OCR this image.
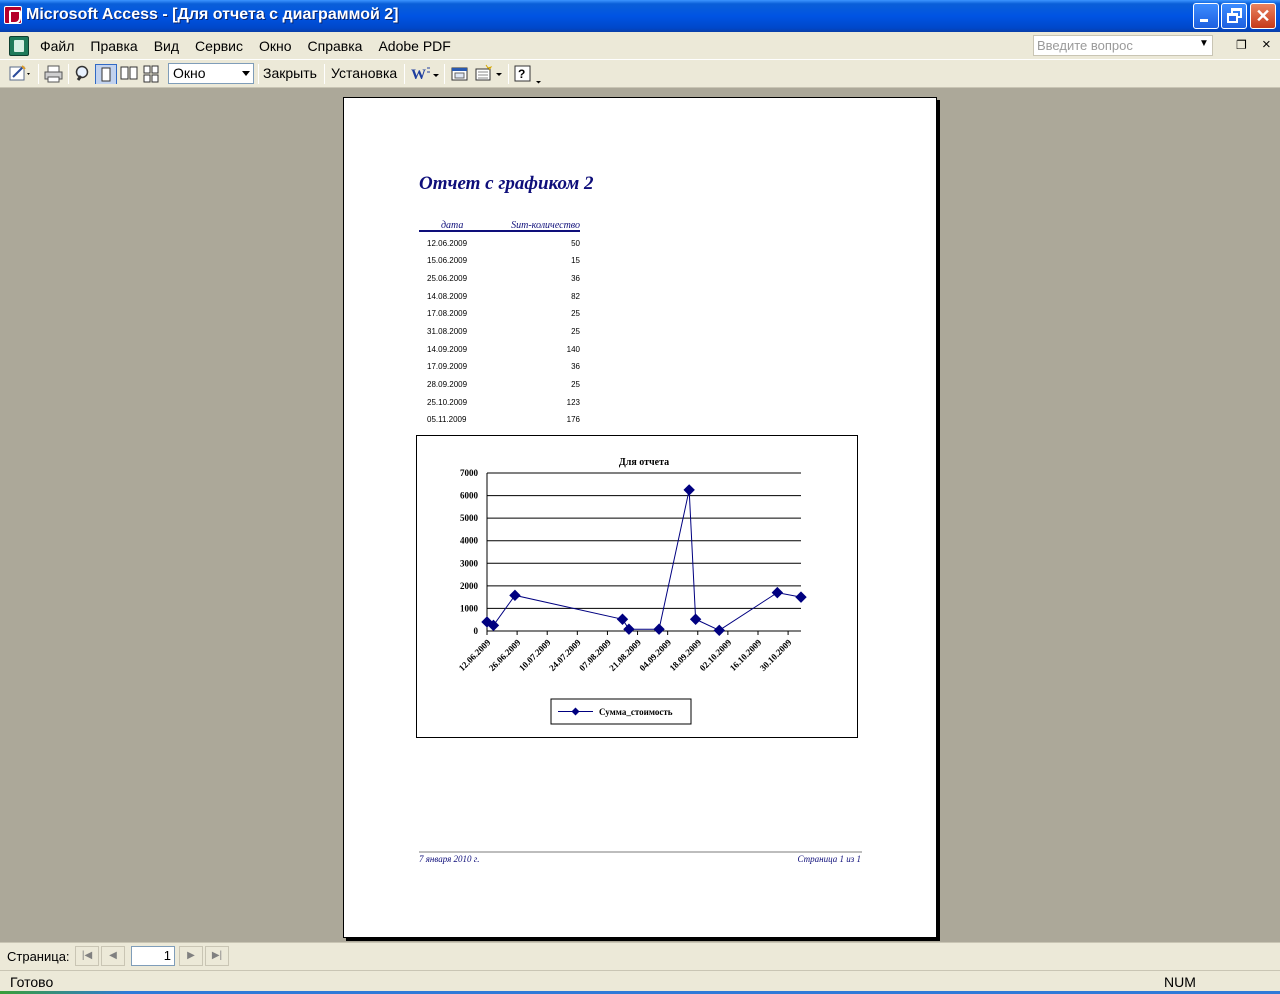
Microsoft Access - [Для отчета с диаграммой 2]	✕
Файл	Правка	Вид	Сервис	Окно	Справка	Adobe PDF	Введите вопрос	▼ ❐ ×
Окно	Закрыть Установка W	?
Отчет с графиком 2
дата	Sum-количество
12.06.2009	50
15.06.2009	15
25.06.2009	36
14.08.2009	82
17.08.2009	25
31.08.2009	25
14.09.2009	140
17.09.2009	36
28.09.2009	25
25.10.2009	123
05.11.2009	176
Для отчета
0
1000
2000
3000
4000
5000
6000
7000
12.06.2009
26.06.2009
10.07.2009
24.07.2009
07.08.2009
21.08.2009
04.09.2009
18.09.2009
02.10.2009
16.10.2009
30.10.2009
Сумма_стоимость
7 января 2010 г.	Страница 1 из 1
Страница:	|◀	◀	1	▶	▶|
Готово	NUM
